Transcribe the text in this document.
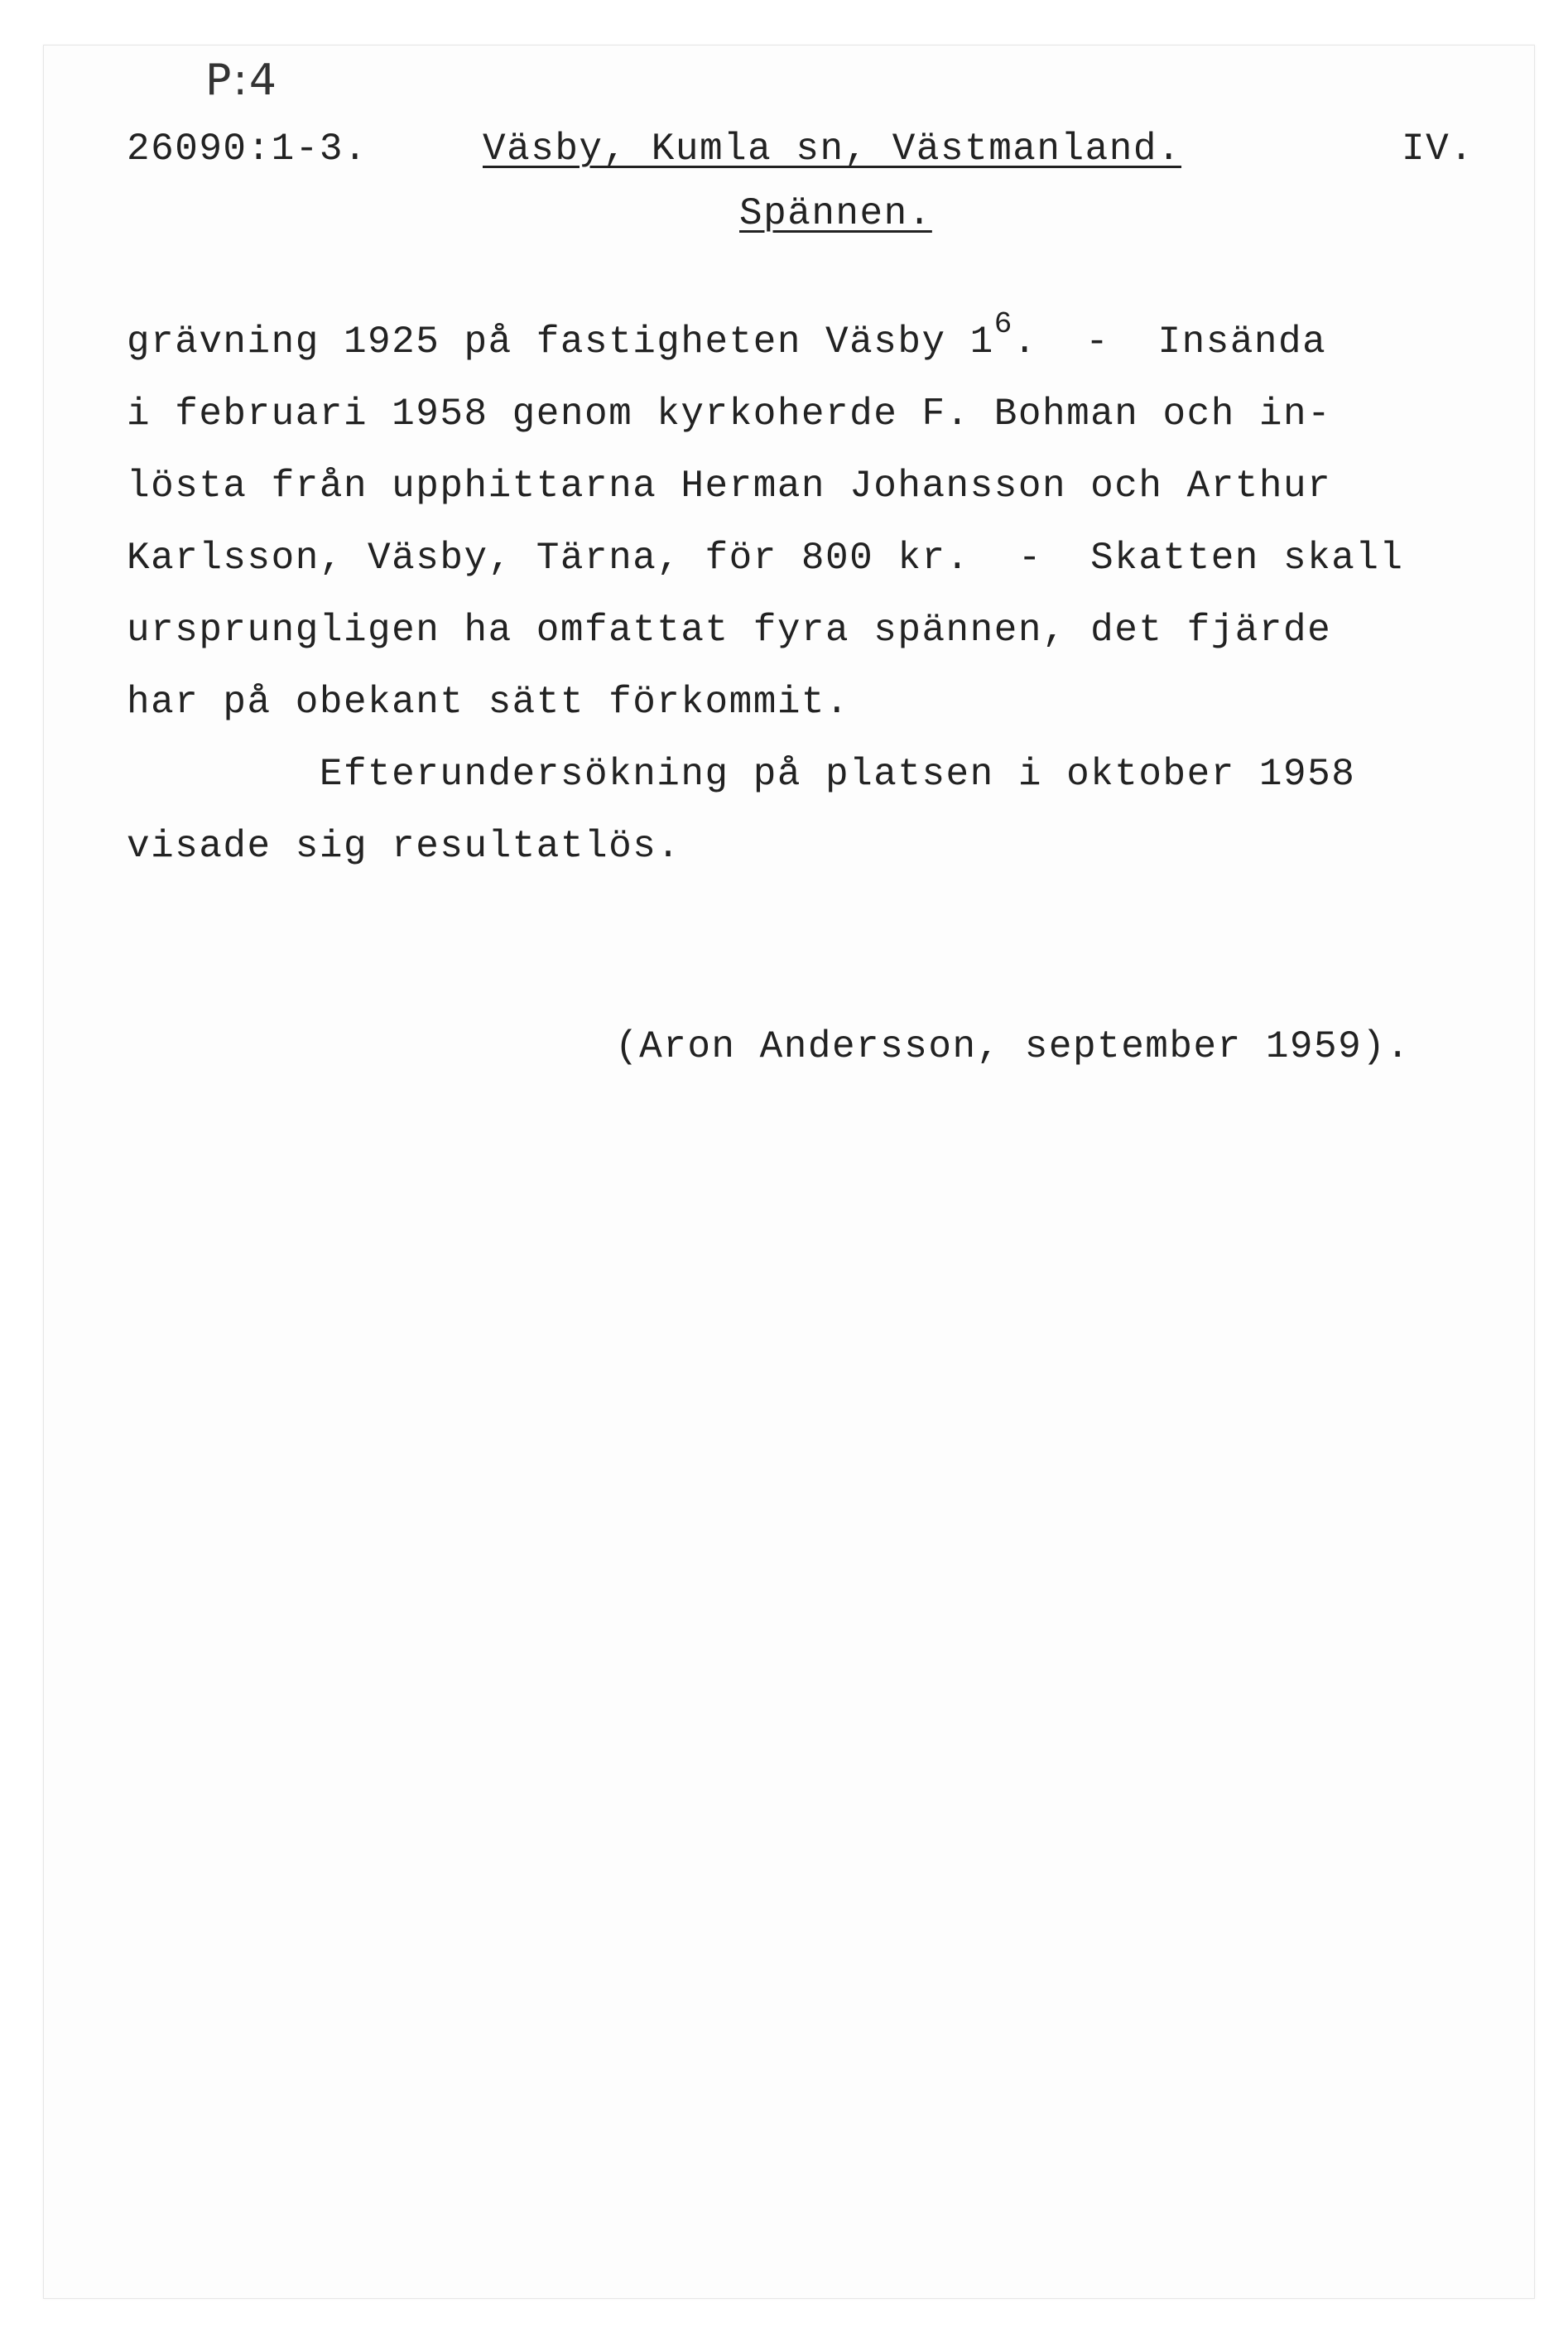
P:4
26090:1-3.	Väsby, Kumla sn, Västmanland.	IV.
Spännen.
grävning 1925 på fastigheten Väsby $1^6$.  -  Insända
i februari 1958 genom kyrkoherde F. Bohman och in-
lösta från upphittarna Herman Johansson och Arthur
Karlsson, Väsby, Tärna, för 800 kr.  -  Skatten skall
ursprungligen ha omfattat fyra spännen, det fjärde
har på obekant sätt förkommit.
Efterundersökning på platsen i oktober 1958
visade sig resultatlös.
(Aron Andersson, september 1959).
